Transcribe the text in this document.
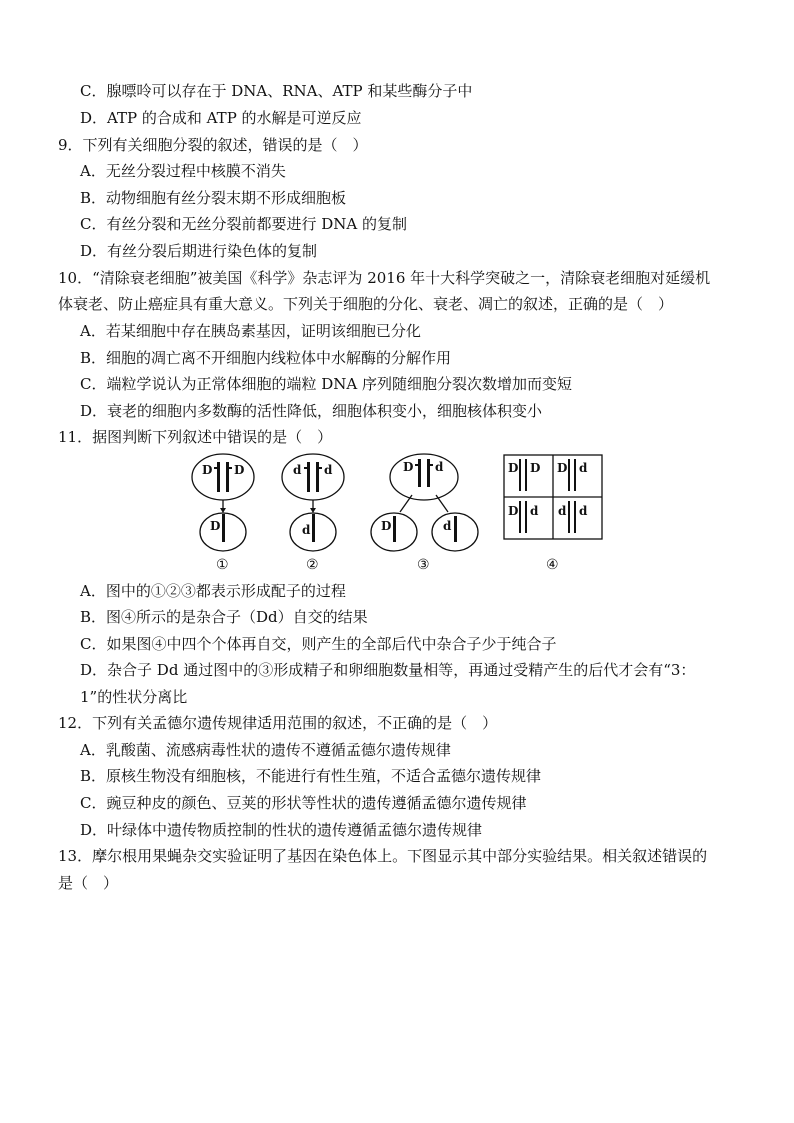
C．腺嘌呤可以存在于 DNA、RNA、ATP 和某些酶分子中
D．ATP 的合成和 ATP 的水解是可逆反应
9．下列有关细胞分裂的叙述，错误的是（　）
A．无丝分裂过程中核膜不消失
B．动物细胞有丝分裂末期不形成细胞板
C．有丝分裂和无丝分裂前都要进行 DNA 的复制
D．有丝分裂后期进行染色体的复制
10．“清除衰老细胞”被美国《科学》杂志评为 2016 年十大科学突破之一，清除衰老细胞对延缓机
体衰老、防止癌症具有重大意义。下列关于细胞的分化、衰老、凋亡的叙述，正确的是（　）
A．若某细胞中存在胰岛素基因，证明该细胞已分化
B．细胞的凋亡离不开细胞内线粒体中水解酶的分解作用
C．端粒学说认为正常体细胞的端粒 DNA 序列随细胞分裂次数增加而变短
D．衰老的细胞内多数酶的活性降低，细胞体积变小，细胞核体积变小
11．据图判断下列叙述中错误的是（　）
D D
D
d d
d
D d
D	d
D D D d
D d d d
①	②	③	④
A．图中的①②③都表示形成配子的过程
B．图④所示的是杂合子（Dd）自交的结果
C．如果图④中四个个体再自交，则产生的全部后代中杂合子少于纯合子
D．杂合子 Dd 通过图中的③形成精子和卵细胞数量相等，再通过受精产生的后代才会有“3：
1”的性状分离比
12．下列有关孟德尔遗传规律适用范围的叙述，不正确的是（　）
A．乳酸菌、流感病毒性状的遗传不遵循孟德尔遗传规律
B．原核生物没有细胞核，不能进行有性生殖，不适合孟德尔遗传规律
C．豌豆种皮的颜色、豆荚的形状等性状的遗传遵循孟德尔遗传规律
D．叶绿体中遗传物质控制的性状的遗传遵循孟德尔遗传规律
13．摩尔根用果蝇杂交实验证明了基因在染色体上。下图显示其中部分实验结果。相关叙述错误的
是（　）
